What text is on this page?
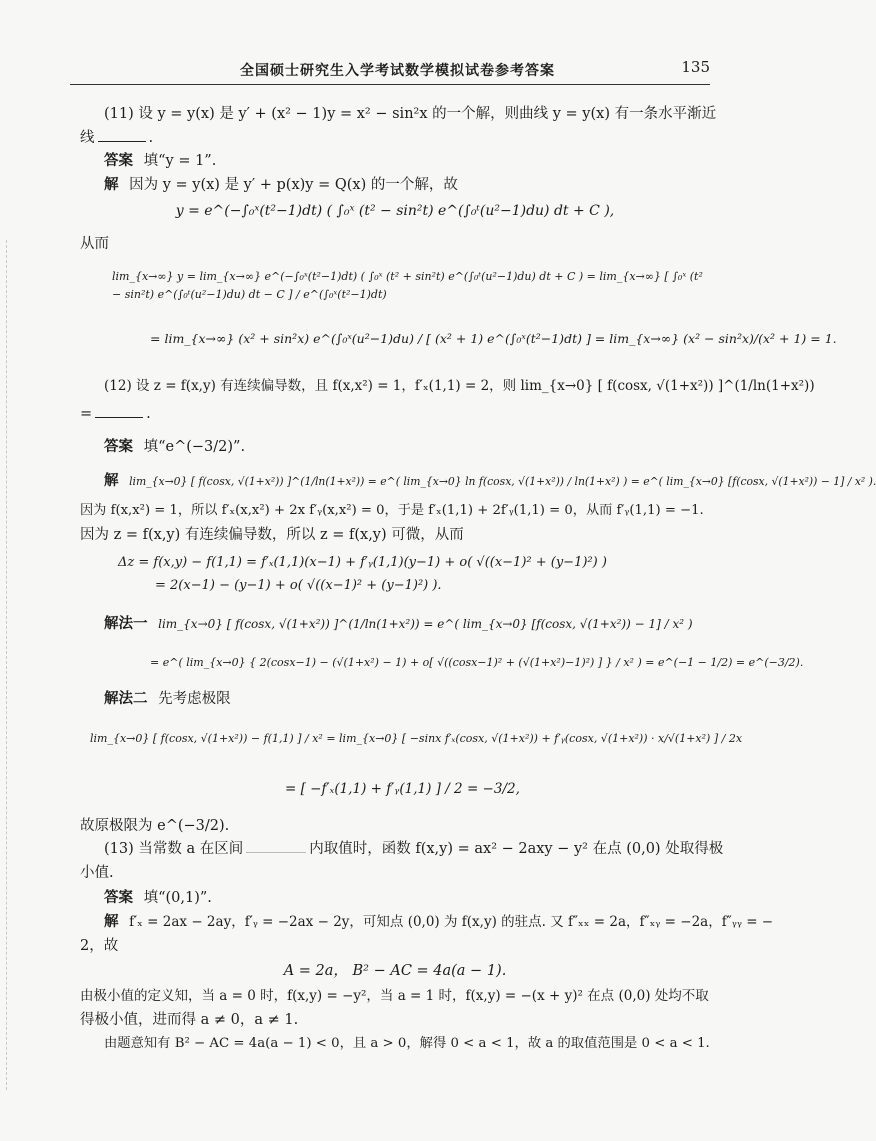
全国硕士研究生入学考试数学模拟试卷参考答案	135
(11) 设 y = y(x) 是 y′ + (x² − 1)y = x² − sin²x 的一个解，则曲线 y = y(x) 有一条水平渐近
线	.
答案 填“y = 1”.
解 因为 y = y(x) 是 y′ + p(x)y = Q(x) 的一个解，故
y = e^(−∫₀ˣ(t²−1)dt) ( ∫₀ˣ (t² − sin²t) e^(∫₀ᵗ(u²−1)du) dt + C ),
从而
lim_{x→∞} y = lim_{x→∞} e^(−∫₀ˣ(t²−1)dt) ( ∫₀ˣ (t² + sin²t) e^(∫₀ᵗ(u²−1)du) dt + C ) = lim_{x→∞} [ ∫₀ˣ (t² − sin²t) e^(∫₀ᵗ(u²−1)du) dt − C ] / e^(∫₀ˣ(t²−1)dt)
= lim_{x→∞} (x² + sin²x) e^(∫₀ˣ(u²−1)du) / [ (x² + 1) e^(∫₀ˣ(t²−1)dt) ] = lim_{x→∞} (x² − sin²x)/(x² + 1) = 1.
(12) 设 z = f(x,y) 有连续偏导数，且 f(x,x²) = 1，f′ₓ(1,1) = 2，则 lim_{x→0} [ f(cosx, √(1+x²)) ]^(1/ln(1+x²))
=	.
答案 填“e^(−3/2)”.
解 lim_{x→0} [ f(cosx, √(1+x²)) ]^(1/ln(1+x²)) = e^( lim_{x→0} ln f(cosx, √(1+x²)) / ln(1+x²) ) = e^( lim_{x→0} [f(cosx, √(1+x²)) − 1] / x² ).
因为 f(x,x²) = 1，所以 f′ₓ(x,x²) + 2x f′ᵧ(x,x²) = 0，于是 f′ₓ(1,1) + 2f′ᵧ(1,1) = 0，从而 f′ᵧ(1,1) = −1.
因为 z = f(x,y) 有连续偏导数，所以 z = f(x,y) 可微，从而
Δz = f(x,y) − f(1,1) = f′ₓ(1,1)(x−1) + f′ᵧ(1,1)(y−1) + o( √((x−1)² + (y−1)²) )
= 2(x−1) − (y−1) + o( √((x−1)² + (y−1)²) ).
解法一 lim_{x→0} [ f(cosx, √(1+x²)) ]^(1/ln(1+x²)) = e^( lim_{x→0} [f(cosx, √(1+x²)) − 1] / x² )
= e^( lim_{x→0} { 2(cosx−1) − (√(1+x²) − 1) + o[ √((cosx−1)² + (√(1+x²)−1)²) ] } / x² ) = e^(−1 − 1/2) = e^(−3/2).
解法二 先考虑极限
lim_{x→0} [ f(cosx, √(1+x²)) − f(1,1) ] / x² = lim_{x→0} [ −sinx f′ₓ(cosx, √(1+x²)) + f′ᵧ(cosx, √(1+x²)) · x/√(1+x²) ] / 2x
= [ −f′ₓ(1,1) + f′ᵧ(1,1) ] / 2 = −3/2,
故原极限为 e^(−3/2).
(13) 当常数 a 在区间	内取值时，函数 f(x,y) = ax² − 2axy − y² 在点 (0,0) 处取得极
小值.
答案 填“(0,1)”.
解 f′ₓ = 2ax − 2ay，f′ᵧ = −2ax − 2y，可知点 (0,0) 为 f(x,y) 的驻点. 又 f″ₓₓ = 2a，f″ₓᵧ = −2a，f″ᵧᵧ = −
2，故
A = 2a， B² − AC = 4a(a − 1).
由极小值的定义知，当 a = 0 时，f(x,y) = −y²，当 a = 1 时，f(x,y) = −(x + y)² 在点 (0,0) 处均不取
得极小值，进而得 a ≠ 0，a ≠ 1.
由题意知有 B² − AC = 4a(a − 1) < 0，且 a > 0，解得 0 < a < 1，故 a 的取值范围是 0 < a < 1.
